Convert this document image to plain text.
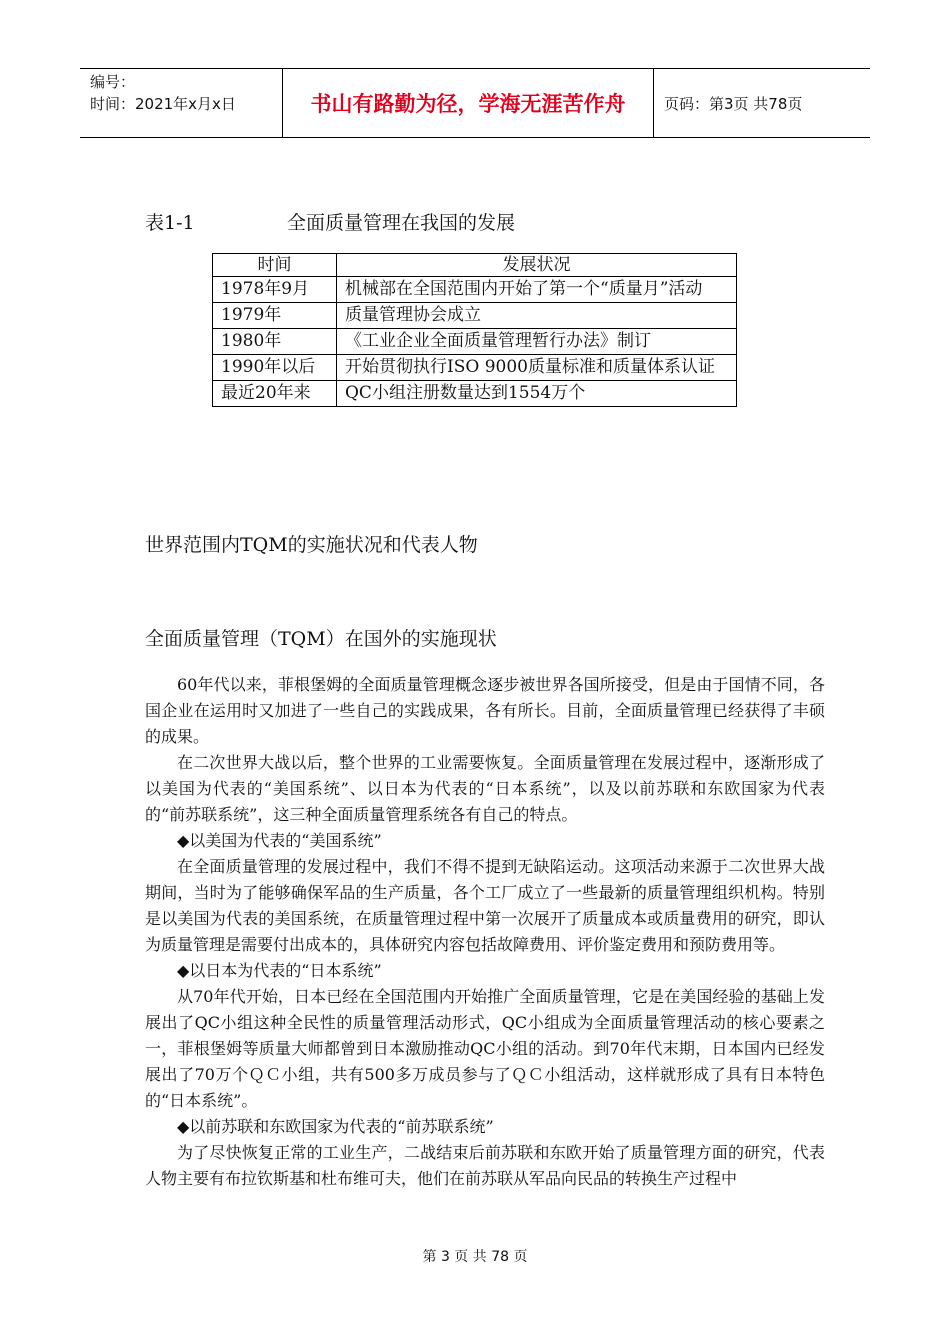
编号：
时间：2021年x月x日	书山有路勤为径，学海无涯苦作舟	页码：第3页 共78页
表1-1	全面质量管理在我国的发展
时间	发展状况
1978年9月	机械部在全国范围内开始了第一个“质量月”活动
1979年	质量管理协会成立
1980年	《工业企业全面质量管理暂行办法》制订
1990年以后	开始贯彻执行ISO 9000质量标准和质量体系认证
最近20年来	QC小组注册数量达到1554万个
世界范围内TQM的实施状况和代表人物
全面质量管理（TQM）在国外的实施现状

60年代以来，菲根堡姆的全面质量管理概念逐步被世界各国所接受，但是由于国情不同，各国企业在运用时又加进了一些自己的实践成果，各有所长。目前，全面质量管理已经获得了丰硕的成果。

在二次世界大战以后，整个世界的工业需要恢复。全面质量管理在发展过程中，逐渐形成了以美国为代表的“美国系统”、以日本为代表的“日本系统”，以及以前苏联和东欧国家为代表的“前苏联系统”，这三种全面质量管理系统各有自己的特点。

◆以美国为代表的“美国系统”

在全面质量管理的发展过程中，我们不得不提到无缺陷运动。这项活动来源于二次世界大战期间，当时为了能够确保军品的生产质量，各个工厂成立了一些最新的质量管理组织机构。特别是以美国为代表的美国系统，在质量管理过程中第一次展开了质量成本或质量费用的研究，即认为质量管理是需要付出成本的，具体研究内容包括故障费用、评价鉴定费用和预防费用等。

◆以日本为代表的“日本系统”

从70年代开始，日本已经在全国范围内开始推广全面质量管理，它是在美国经验的基础上发展出了QC小组这种全民性的质量管理活动形式，QC小组成为全面质量管理活动的核心要素之一，菲根堡姆等质量大师都曾到日本激励推动QC小组的活动。到70年代末期，日本国内已经发展出了70万个ＱＣ小组，共有500多万成员参与了ＱＣ小组活动，这样就形成了具有日本特色的“日本系统”。

◆以前苏联和东欧国家为代表的“前苏联系统”

为了尽快恢复正常的工业生产，二战结束后前苏联和东欧开始了质量管理方面的研究，代表人物主要有布拉钦斯基和杜布维可夫，他们在前苏联从军品向民品的转换生产过程中

第 3 页 共 78 页
